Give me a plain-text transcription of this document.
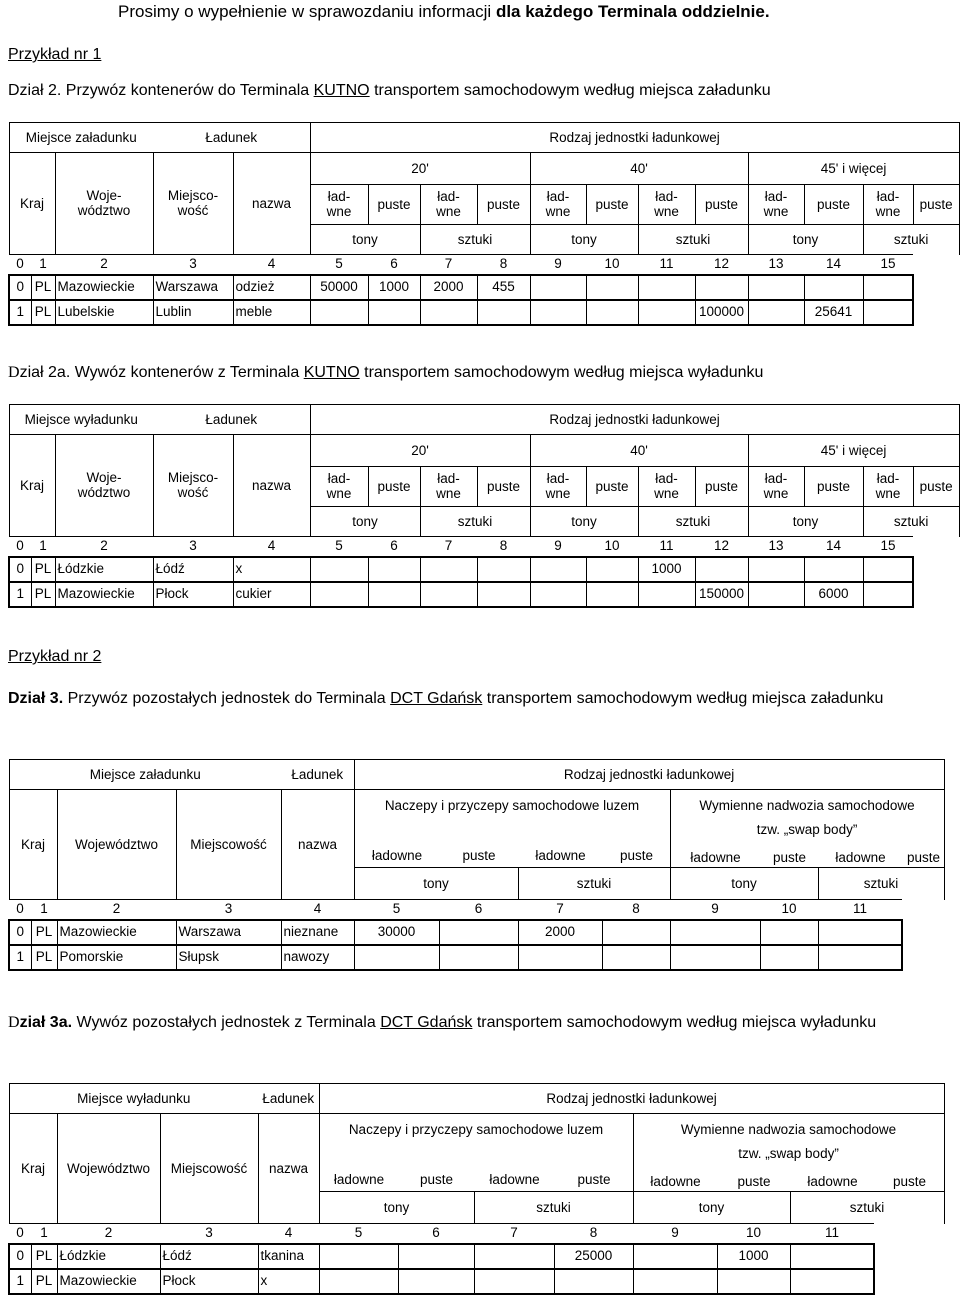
Prosimy o wypełnienie w sprawozdaniu informacji dla każdego Terminala oddzielnie.
Przykład nr 1
Dział 2. Przywóz kontenerów do Terminala KUTNO transportem samochodowym według miejsca załadunku
Miejsce załadunku			Ładunek		Rodzaj jednostki ładunkowej											
Kraj		Woje-
wództwo	Miejsco-
wość	nazwa	20'				40'				45' i więcej			
					ład-
wne	puste	ład-
wne	puste	ład-
wne	puste	ład-
wne	puste	ład-
wne	puste	ład-
wne	puste
					tony		sztuki		tony		sztuki		tony		sztuki	
0	1	2	3	4	5	6	7	8	9	10	11	12	13	14	15	
0	PL	Mazowieckie	Warszawa	odzież	50000	1000	2000	455								
1	PL	Lubelskie	Lublin	meble								100000		25641		
Dział 2a. Wywóz kontenerów z Terminala KUTNO transportem samochodowym według miejsca wyładunku
Miejsce wyładunku			Ładunek		Rodzaj jednostki ładunkowej											
Kraj		Woje-
wództwo	Miejsco-
wość	nazwa	20'				40'				45' i więcej			
					ład-
wne	puste	ład-
wne	puste	ład-
wne	puste	ład-
wne	puste	ład-
wne	puste	ład-
wne	puste
					tony		sztuki		tony		sztuki		tony		sztuki	
0	1	2	3	4	5	6	7	8	9	10	11	12	13	14	15	
0	PL	Łódzkie	Łódź	x							1000					
1	PL	Mazowieckie	Płock	cukier								150000		6000		
Przykład nr 2
Dział 3. Przywóz pozostałych jednostek do Terminala DCT Gdańsk transportem samochodowym według miejsca załadunku
Miejsce załadunku	Ładunek	Rodzaj jednostki ładunkowej
Kraj	Województwo	Miejscowość	nazwa	Naczepy i przyczepy samochodowe luzem	Wymienne nadwozia samochodowe

ładowne	puste	ładowne	puste

tzw. „swap body”
ładowne	puste	ładowne	puste

tony	sztuki	tony	sztuki
0	1	2	3	4	5	6	7	8	9	10	11
0	PL	Mazowieckie	Warszawa	nieznane	30000		2000				
1	PL	Pomorskie	Słupsk	nawozy							
Dział 3a. Wywóz pozostałych jednostek z Terminala DCT Gdańsk transportem samochodowym według miejsca wyładunku
Miejsce wyładunku	Ładunek	Rodzaj jednostki ładunkowej
Kraj	Województwo	Miejscowość	nazwa	Naczepy i przyczepy samochodowe luzem	Wymienne nadwozia samochodowe

ładowne	puste	ładowne	puste

tzw. „swap body”
ładowne	puste	ładowne	puste

tony	sztuki	tony	sztuki
0	1	2	3	4	5	6	7	8	9	10	11
0	PL	Łódzkie	Łódź	tkanina				25000		1000	
1	PL	Mazowieckie	Płock	x							
